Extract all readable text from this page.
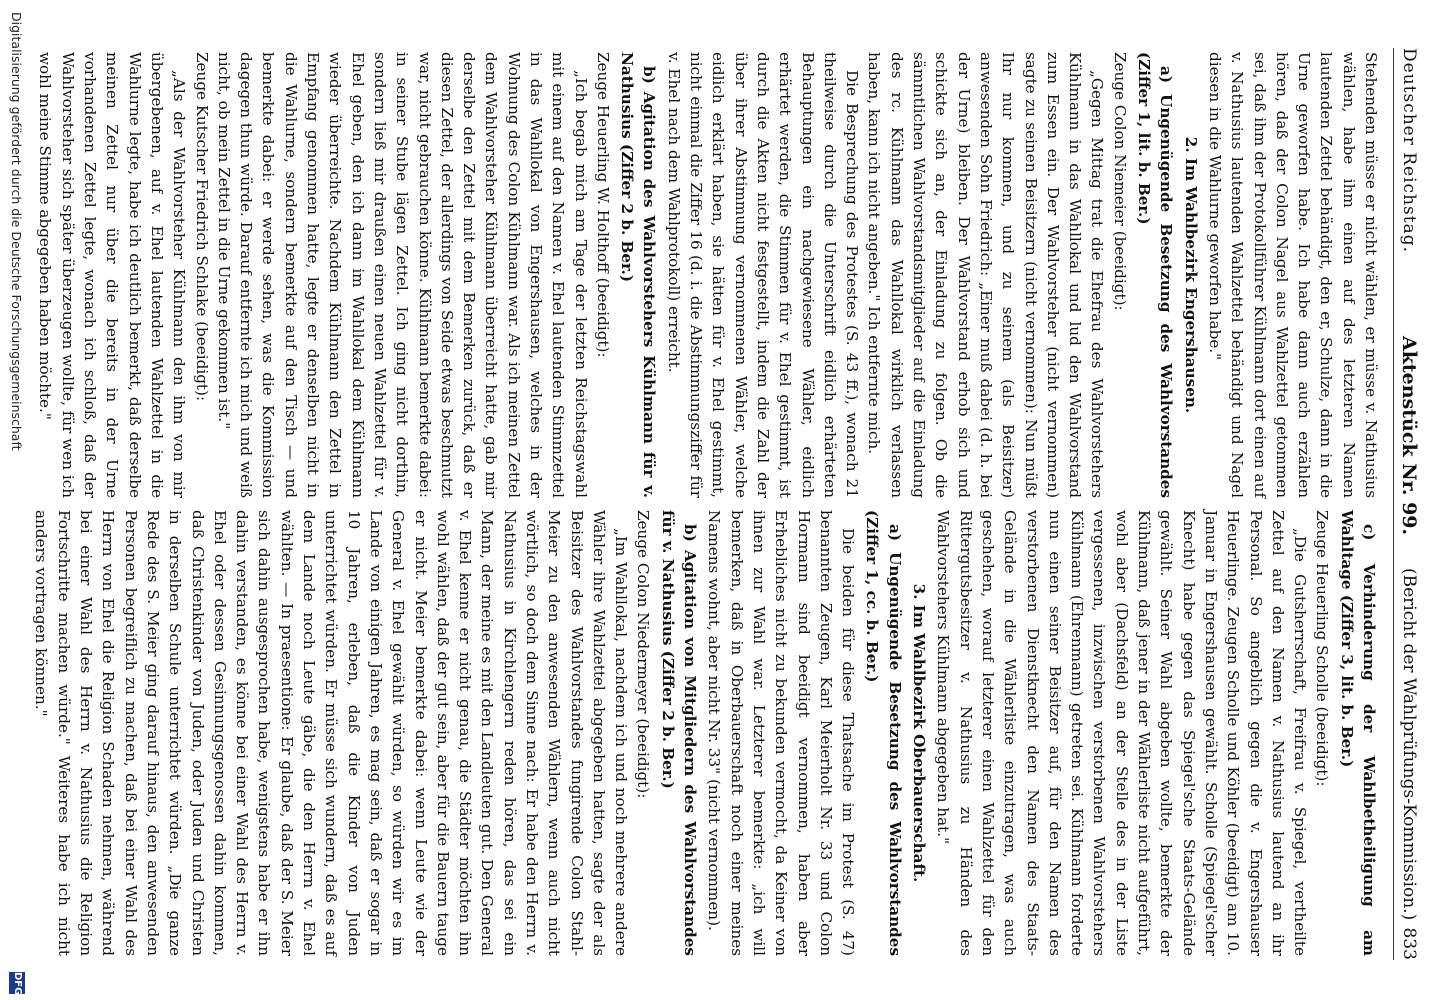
Deutscher Reichstag.
Aktenstück Nr. 99.
(Bericht der Wahlprüfungs-Kommission.)
833

Stehenden müsse er nicht wählen, er müsse v. Nathusius wählen, habe ihm einen auf des letzteren Namen lautenden Zettel behändigt, den er, Schulze, dann in die Urne geworfen habe. Ich habe dann auch erzählen hören, daß der Colon Nagel aus Wahlzettel getommen sei, daß ihm der Protokollführer Kühlmann dort einen auf v. Nathusius lautenden Wahlzettel behändigt und Nagel diesen in die Wahlurne geworfen habe."

2. Im Wahlbezirk Engershausen.

a) Ungenügende Besetzung des Wahlvorstandes (Ziffer 1, lit. b. Ber.)

Zeuge Colon Niemeier (beeidigt):

„Gegen Mittag trat die Ehefrau des Wahlvorstehers Kühlmann in das Wahllokal und lud den Wahlvorstand zum Essen ein. Der Wahlvorsteher (nicht vernommen) sagte zu seinen Beisitzern (nicht vernommen): Nun müßt Ihr nur kommen, und zu seinem (als Beisitzer) anwesenden Sohn Friedrich: „Einer muß dabei (d. h. bei der Urne) bleiben. Der Wahlvorstand erhob sich und schickte sich an, der Einladung zu folgen. Ob die sämmtlichen Wahlvorstandsmitglieder auf die Einladung des rc. Kühlmann das Wahllokal wirklich verlassen haben, kann ich nicht angeben." Ich entfernte mich.

Die Besprechung des Protestes (S. 43 ff.), wonach 21 theilweise durch die Unterschrift eidlich erhärteten Behauptungen ein nachgewiesene Wähler, eidlich erhärtet werden, die Stimmen für v. Ehel gestimmt, ist durch die Akten nicht festgestellt, indem die Zahl der über ihrer Abstimmung vernommenen Wähler, welche eidlich erklärt haben, sie hätten für v. Ehel gestimmt, nicht einmal die Ziffer 16 (d. i. die Abstimmungsziffer für v. Ehel nach dem Wahlprotokoll) erreicht.

b) Agitation des Wahlvorstehers Kühlmann für v. Nathusius (Ziffer 2 b. Ber.)

Zeuge Heuerling W. Holthoff (beeidigt):

„Ich begab mich am Tage der letzten Reichstagswahl mit einem auf den Namen v. Ehel lautenden Stimmzettel in das Wahllokal von Engershausen, welches in der Wohnung des Colon Kühlmann war. Als ich meinen Zettel dem Wahlvorsteher Kühlmann überreicht hatte, gab mir derselbe den Zettel mit dem Bemerken zurück, daß er diesen Zettel, der allerdings von Seide etwas beschmutzt war, nicht gebrauchen könne. Kühlmann bemerkte dabei: in seiner Stube lägen Zettel. Ich ging nicht dorthin, sondern ließ mir draußen einen neuen Wahlzettel für v. Ehel geben, den ich dann im Wahllokal dem Kühlmann wieder überreichte. Nachdem Kühlmann den Zettel in Empfang genommen hatte, legte er denselben nicht in die Wahlurne, sondern bemerkte auf den Tisch — und bemerkte dabei: er werde sehen, was die Kommission dagegen thun würde. Darauf entfernte ich mich und weiß nicht, ob mein Zettel in die Urne gekommen ist."

Zeuge Kutscher Friedrich Schlake (beeidigt):

„Als der Wahlvorsteher Kühlmann den ihm von mir übergebenen, auf v. Ehel lautenden Wahlzettel in die Wahlurne legte, habe ich deutlich bemerkt, daß derselbe meinen Zettel nur über die bereits in der Urne vorhandenen Zettel legte, wonach ich schloß, daß der Wahlvorsteher sich später überzeugen wollte, für wen ich wohl meine Stimme abgegeben haben möchte."

c) Verhinderung der Wahlbetheiligung am Wahltage (Ziffer 3, lit. b. Ber.)

Zeuge Heuerling Scholle (beeidigt):

„Die Gutsherrschaft, Freifrau v. Spiegel, vertheilte Zettel auf den Namen v. Nathusius lautend an ihr Personal. So angeblich gegen die v. Engershauser Heuerlinge. Zeugen Scholle und Köhler (beeidigt) am 10. Januar in Engershausen gewählt. Scholle (Spiegel'scher Knecht) habe gegen das Spiegel'sche Staats-Gelände gewählt. Seiner Wahl abgeben wollte, bemerkte der Kühlmann, daß jener in der Wählerliste nicht aufgeführt, wohl aber (Dachsfeld) an der Stelle des in der Liste vergessenen, inzwischen verstorbenen Wahlvorstehers Kühlmann (Ehrenmann) getreten sei. Kühlmann forderte nun einen seiner Beisitzer auf, für den Namen des verstorbenen Dienstknecht den Namen des Staats-Gelände in die Wählerliste einzutragen, was auch geschehen, worauf letzterer einen Wahlzettel für den Rittergutsbesitzer v. Nathusius zu Händen des Wahlvorstehers Kühlmann abgegeben hat."

3. Im Wahlbezirk Oberbauerschaft.

a) Ungenügende Besetzung des Wahlvorstandes (Ziffer 1, cc. b. Ber.)

Die beiden für diese Thatsache im Protest (S. 47) benannten Zeugen, Karl Meierholt Nr. 33 und Colon Hormann sind beeidigt vernommen, haben aber Erhebliches nicht zu bekunden vermocht, da Keiner von ihnen zur Wahl war. Letzterer bemerkte: „ich will bemerken, daß in Oberbauerschaft noch einer meines Namens wohnt, aber nicht Nr. 33" (nicht vernommen).

b) Agitation von Mitgliedern des Wahlvorstandes für v. Nathusius (Ziffer 2 b. Ber.)

Zeuge Colon Niedermeyer (beeidigt):

„Im Wahllokal, nachdem ich und noch mehrere andere Wähler ihre Wahlzettel abgegeben hatten, sagte der als Beisitzer des Wahlvorstandes fungirende Colon Stahl-Meier zu den anwesenden Wählern, wenn auch nicht wörtlich, so doch dem Sinne nach: Er habe den Herrn v. Nathusius in Kirchlengern reden hören, das sei ein Mann, der meine es mit den Landleuten gut. Den General v. Ehel kenne er nicht genau, die Städter möchten ihn wohl wählen, daß der gut sein, aber für die Bauern tauge er nicht. Meier bemerkte dabei: wenn Leute wie der General v. Ehel gewählt würden, so würden wir es im Lande von einigen Jahren, es mag sein, daß er sogar in 10 Jahren, erleben, daß die Kinder von Juden unterrichtet würden. Er müsse sich wundern, daß es auf dem Lande noch Leute gäbe, die den Herrn v. Ehel wählten. — In praesentione: Er glaube, daß der S. Meier sich dahin ausgesprochen habe, wenigstens habe er ihn dahin verstanden, es könne bei einer Wahl des Herrn v. Ehel oder dessen Gesinnungsgenossen dahin kommen, daß Christenkinder von Juden, oder Juden und Christen in derselben Schule unterrichtet würden. „Die ganze Rede des S. Meier ging darauf hinaus, den anwesenden Personen begreiflich zu machen, daß bei einer Wahl des Herrn von Ehel die Religion Schaden nehmen, während bei einer Wahl des Herrn v. Nathusius die Religion Fortschritte machen würde." Weiteres habe ich nicht anders vortragen können."

Digitalisierung gefördert durch die Deutsche Forschungsgemeinschaft
DFG
